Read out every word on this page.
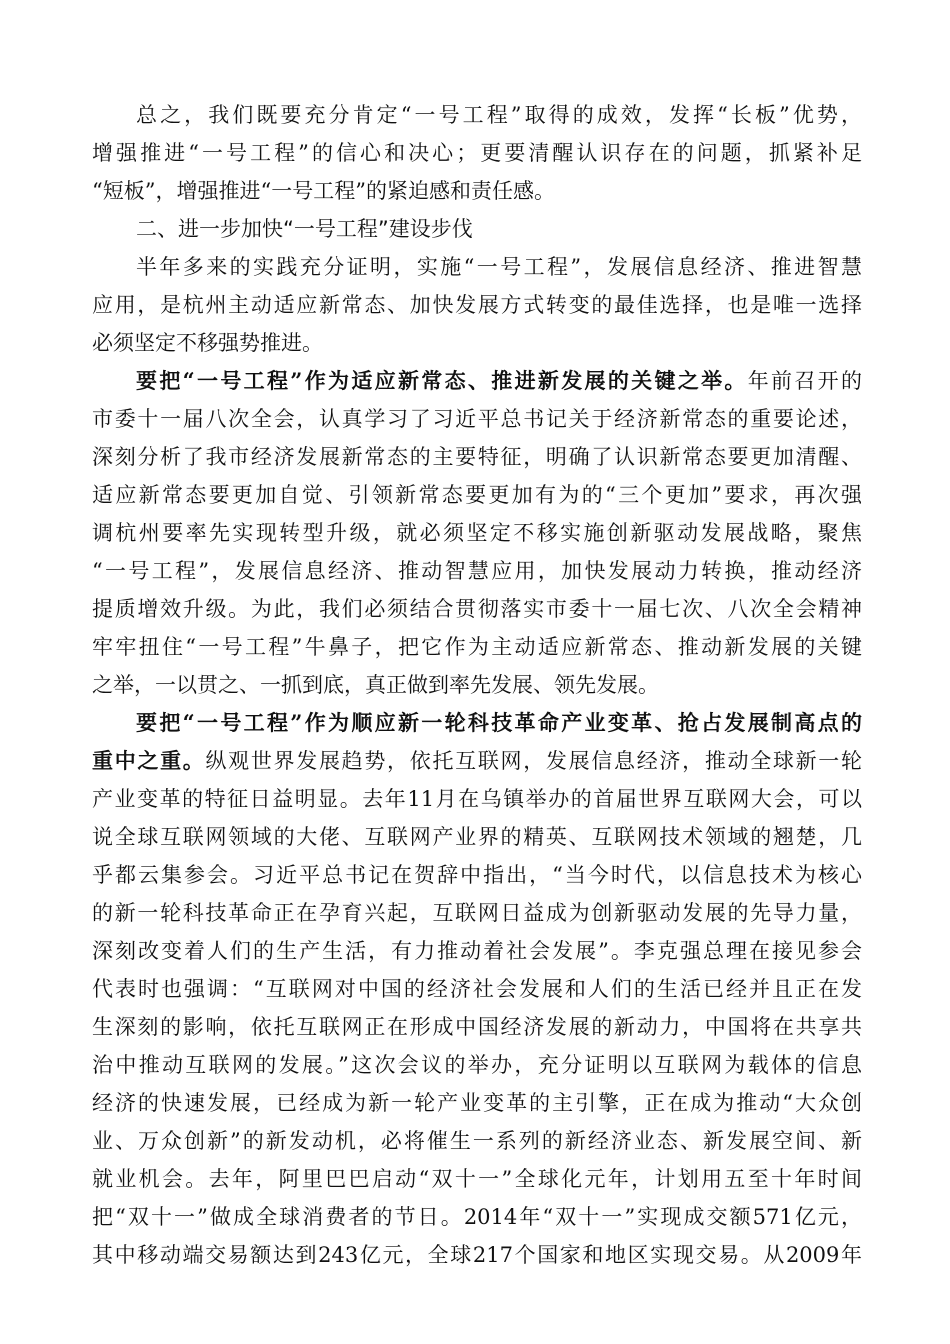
总之，我们既要充分肯定“一号工程”取得的成效，发挥“长板”优势，
增强推进“一号工程”的信心和决心；更要清醒认识存在的问题，抓紧补足
“短板”，增强推进“一号工程”的紧迫感和责任感。
二、进一步加快“一号工程”建设步伐
半年多来的实践充分证明，实施“一号工程”，发展信息经济、推进智慧
应用，是杭州主动适应新常态、加快发展方式转变的最佳选择，也是唯一选择
必须坚定不移强势推进。
要把“一号工程”作为适应新常态、推进新发展的关键之举。年前召开的
市委十一届八次全会，认真学习了习近平总书记关于经济新常态的重要论述，
深刻分析了我市经济发展新常态的主要特征，明确了认识新常态要更加清醒、
适应新常态要更加自觉、引领新常态要更加有为的“三个更加”要求，再次强
调杭州要率先实现转型升级，就必须坚定不移实施创新驱动发展战略，聚焦
“一号工程”，发展信息经济、推动智慧应用，加快发展动力转换，推动经济
提质增效升级。为此，我们必须结合贯彻落实市委十一届七次、八次全会精神
牢牢扭住“一号工程”牛鼻子，把它作为主动适应新常态、推动新发展的关键
之举，一以贯之、一抓到底，真正做到率先发展、领先发展。
要把“一号工程”作为顺应新一轮科技革命产业变革、抢占发展制高点的
重中之重。纵观世界发展趋势，依托互联网，发展信息经济，推动全球新一轮
产业变革的特征日益明显。去年11月在乌镇举办的首届世界互联网大会，可以
说全球互联网领域的大佬、互联网产业界的精英、互联网技术领域的翘楚，几
乎都云集参会。习近平总书记在贺辞中指出，“当今时代，以信息技术为核心
的新一轮科技革命正在孕育兴起，互联网日益成为创新驱动发展的先导力量，
深刻改变着人们的生产生活，有力推动着社会发展”。李克强总理在接见参会
代表时也强调：“互联网对中国的经济社会发展和人们的生活已经并且正在发
生深刻的影响，依托互联网正在形成中国经济发展的新动力，中国将在共享共
治中推动互联网的发展。”这次会议的举办，充分证明以互联网为载体的信息
经济的快速发展，已经成为新一轮产业变革的主引擎，正在成为推动“大众创
业、万众创新”的新发动机，必将催生一系列的新经济业态、新发展空间、新
就业机会。去年，阿里巴巴启动“双十一”全球化元年，计划用五至十年时间
把“双十一”做成全球消费者的节日。2014年“双十一”实现成交额571亿元，
其中移动端交易额达到243亿元，全球217个国家和地区实现交易。从2009年
